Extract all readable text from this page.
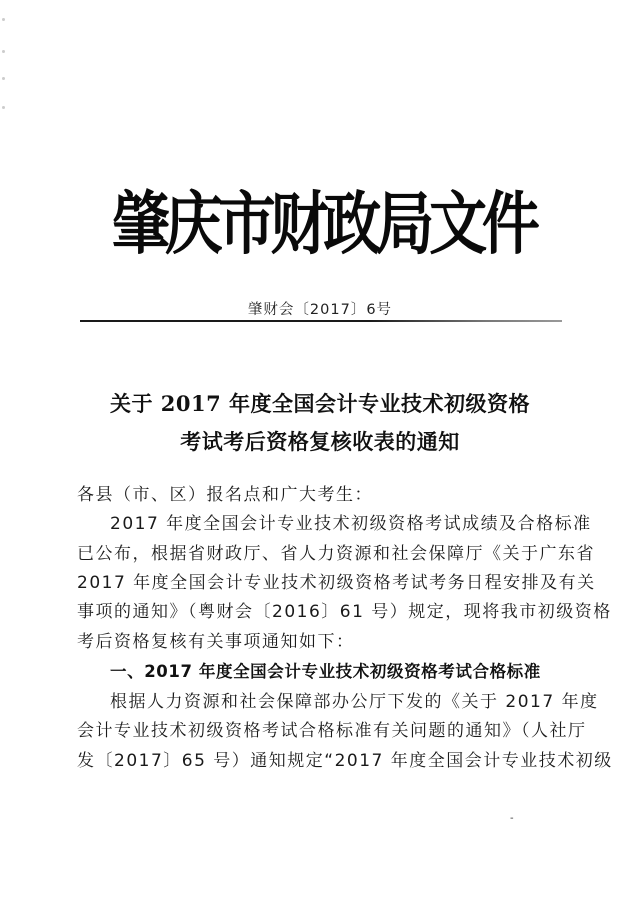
肇
庆
市
财
政
局
文
件
肇财会〔2017〕6号
关于 2017 年度全国会计专业技术初级资格
考试考后资格复核收表的通知
各县（市、区）报名点和广大考生：
2017 年度全国会计专业技术初级资格考试成绩及合格标准
已公布，根据省财政厅、省人力资源和社会保障厅《关于广东省
2017 年度全国会计专业技术初级资格考试考务日程安排及有关
事项的通知》（粤财会〔2016〕61 号）规定，现将我市初级资格
考后资格复核有关事项通知如下：
一、2017 年度全国会计专业技术初级资格考试合格标准
根据人力资源和社会保障部办公厅下发的《关于 2017 年度
会计专业技术初级资格考试合格标准有关问题的通知》（人社厅
发〔2017〕65 号）通知规定“2017 年度全国会计专业技术初级
-
